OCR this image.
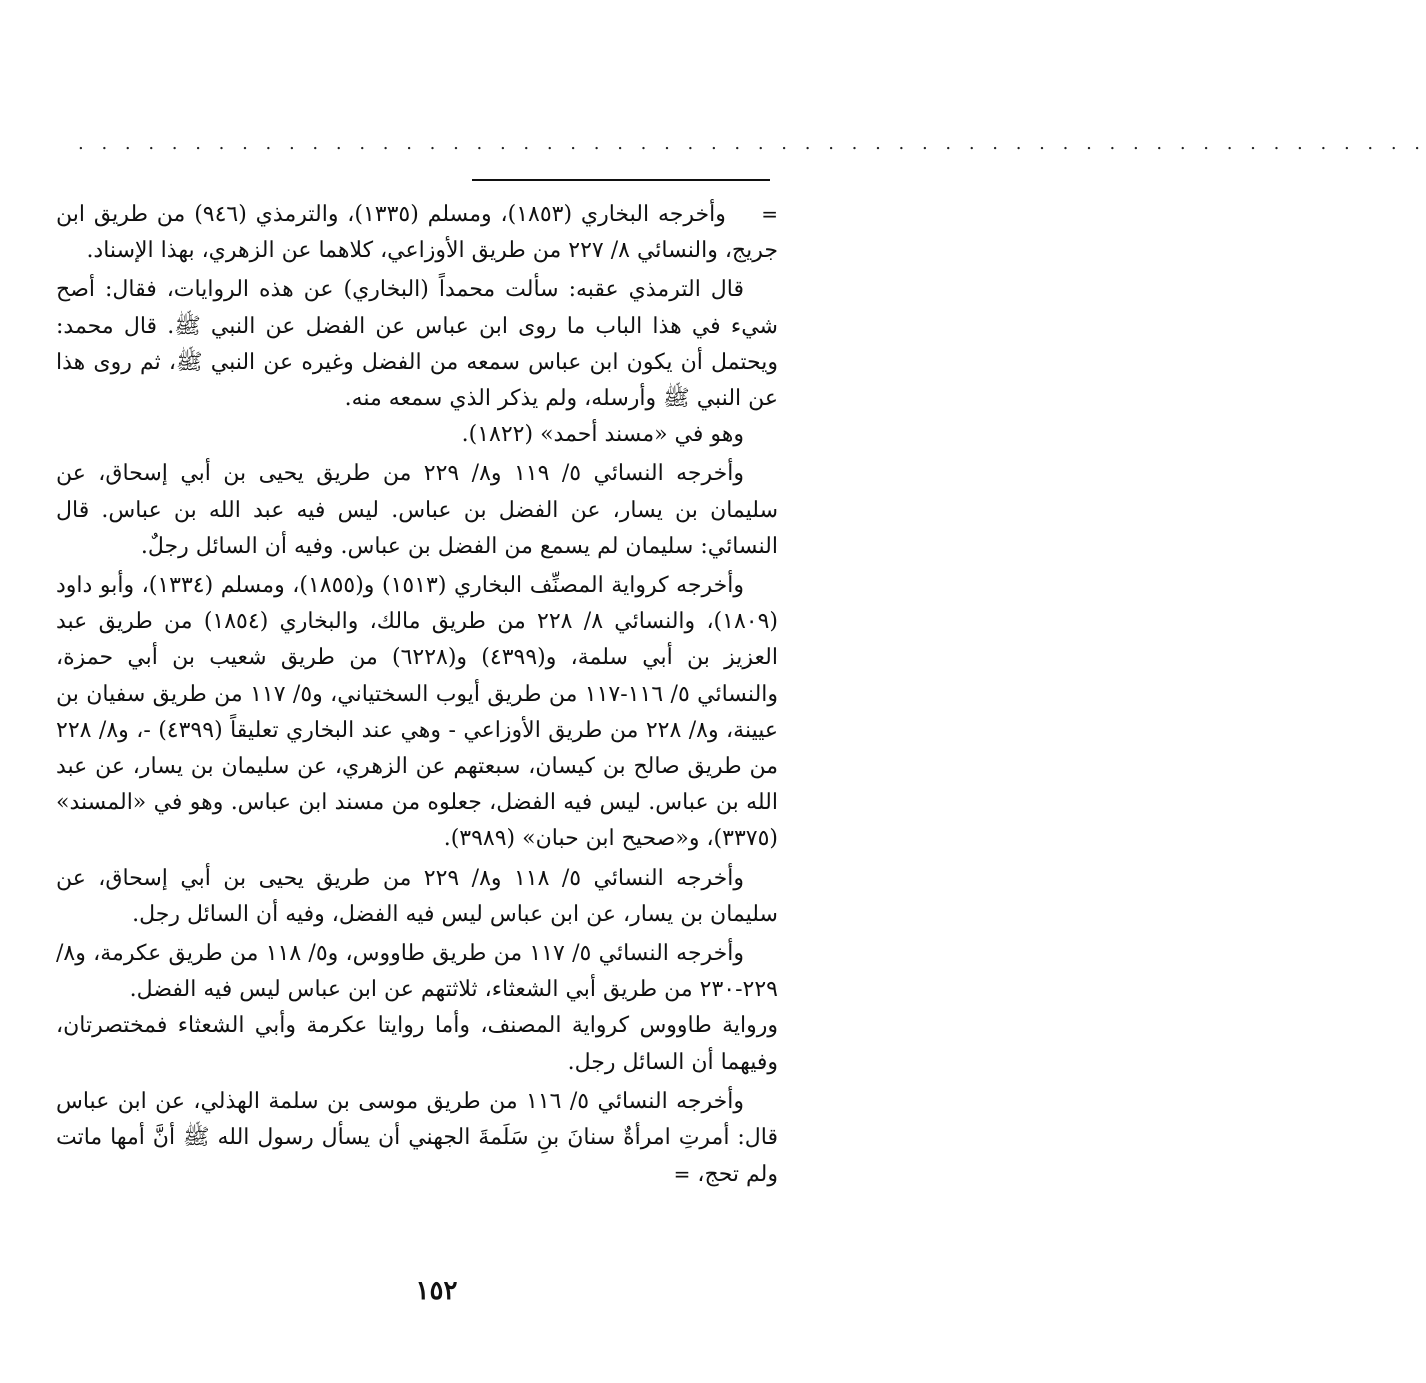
. . . . . . . . . . . . . . . . . . . . . . . . . . . . . . . . . . . . . . . . . . . . . . . . . . . . . . . . . .

=    وأخرجه البخاري (١٨٥٣)، ومسلم (١٣٣٥)، والترمذي (٩٤٦) من طريق ابن جريج، والنسائي ٨/ ٢٢٧ من طريق الأوزاعي، كلاهما عن الزهري، بهذا الإسناد.

قال الترمذي عقبه: سألت محمداً (البخاري) عن هذه الروايات، فقال: أصح شيء في هذا الباب ما روى ابن عباس عن الفضل عن النبي ﷺ. قال محمد: ويحتمل أن يكون ابن عباس سمعه من الفضل وغيره عن النبي ﷺ، ثم روى هذا عن النبي ﷺ وأرسله، ولم يذكر الذي سمعه منه.

وهو في «مسند أحمد» (١٨٢٢).

وأخرجه النسائي ٥/ ١١٩ و٨/ ٢٢٩ من طريق يحيى بن أبي إسحاق، عن سليمان بن يسار، عن الفضل بن عباس. ليس فيه عبد الله بن عباس. قال النسائي: سليمان لم يسمع من الفضل بن عباس. وفيه أن السائل رجلٌ.

وأخرجه كرواية المصنِّف البخاري (١٥١٣) و(١٨٥٥)، ومسلم (١٣٣٤)، وأبو داود (١٨٠٩)، والنسائي ٨/ ٢٢٨ من طريق مالك، والبخاري (١٨٥٤) من طريق عبد العزيز بن أبي سلمة، و(٤٣٩٩) و(٦٢٢٨) من طريق شعيب بن أبي حمزة، والنسائي ٥/ ١١٦-١١٧ من طريق أيوب السختياني، و٥/ ١١٧ من طريق سفيان بن عيينة، و٨/ ٢٢٨ من طريق الأوزاعي - وهي عند البخاري تعليقاً (٤٣٩٩) -، و٨/ ٢٢٨ من طريق صالح بن كيسان، سبعتهم عن الزهري، عن سليمان بن يسار، عن عبد الله بن عباس. ليس فيه الفضل، جعلوه من مسند ابن عباس. وهو في «المسند» (٣٣٧٥)، و«صحيح ابن حبان» (٣٩٨٩).

وأخرجه النسائي ٥/ ١١٨ و٨/ ٢٢٩ من طريق يحيى بن أبي إسحاق، عن سليمان بن يسار، عن ابن عباس ليس فيه الفضل، وفيه أن السائل رجل.

وأخرجه النسائي ٥/ ١١٧ من طريق طاووس، و٥/ ١١٨ من طريق عكرمة، و٨/ ٢٢٩-٢٣٠ من طريق أبي الشعثاء، ثلاثتهم عن ابن عباس ليس فيه الفضل.

ورواية طاووس كرواية المصنف، وأما روايتا عكرمة وأبي الشعثاء فمختصرتان، وفيهما أن السائل رجل.

وأخرجه النسائي ٥/ ١١٦ من طريق موسى بن سلمة الهذلي، عن ابن عباس قال: أمرتِ امرأةٌ سنانَ بنِ سَلَمةَ الجهني أن يسأل رسول الله ﷺ أنَّ أمها ماتت ولم تحج، =

١٥٢
